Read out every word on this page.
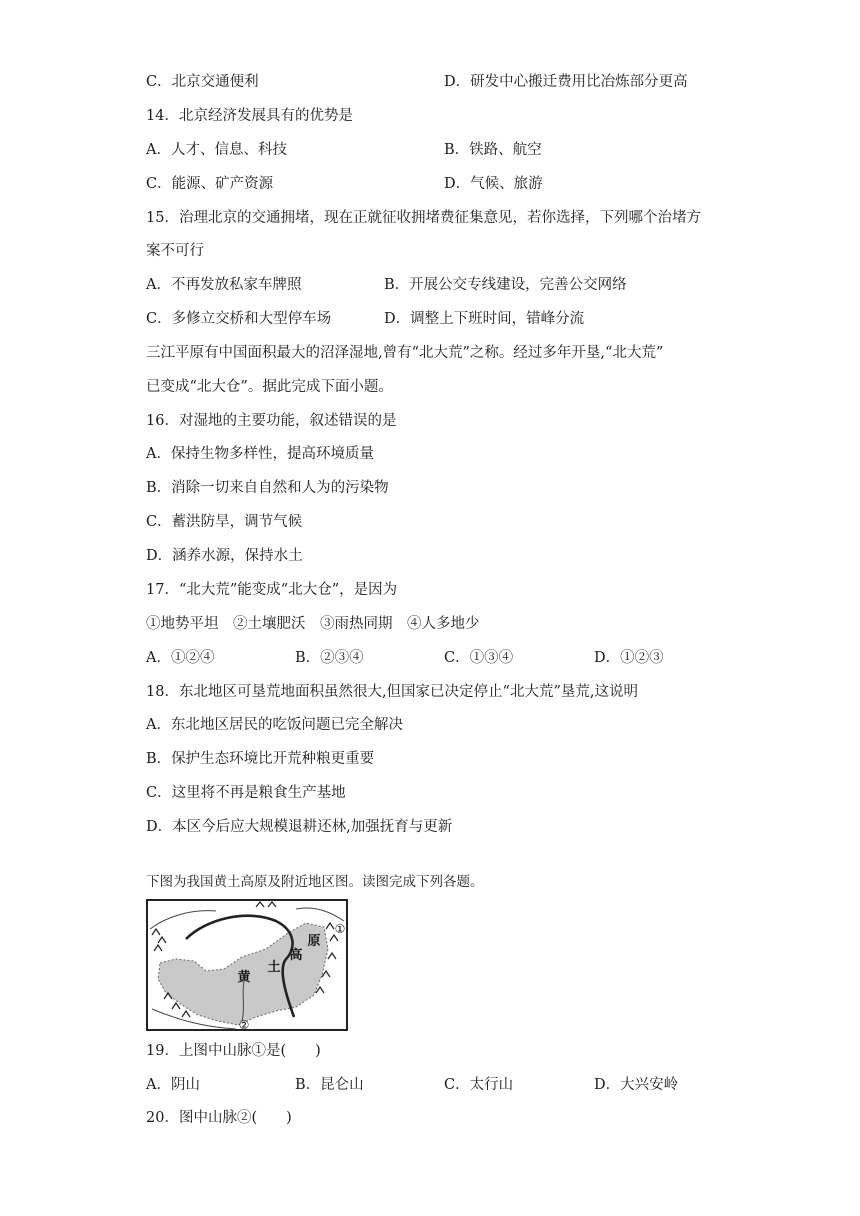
C．北京交通便利	D．研发中心搬迁费用比冶炼部分更高
14．北京经济发展具有的优势是
A．人才、信息、科技	B．铁路、航空
C．能源、矿产资源	D．气候、旅游
15．治理北京的交通拥堵，现在正就征收拥堵费征集意见，若你选择，下列哪个治堵方
案不可行
A．不再发放私家车牌照	B．开展公交专线建设，完善公交网络
C．多修立交桥和大型停车场	D．调整上下班时间，错峰分流
三江平原有中国面积最大的沼泽湿地,曾有“北大荒”之称。经过多年开垦,“北大荒”
已变成“北大仓”。据此完成下面小题。
16．对湿地的主要功能，叙述错误的是
A．保持生物多样性，提高环境质量
B．消除一切来自自然和人为的污染物
C．蓄洪防旱，调节气候
D．涵养水源，保持水土
17．“北大荒”能变成“北大仓”，是因为
①地势平坦　②土壤肥沃　③雨热同期　④人多地少
A．①②④	B．②③④	C．①③④	D．①②③
18．东北地区可垦荒地面积虽然很大,但国家已决定停止“北大荒”垦荒,这说明
A．东北地区居民的吃饭问题已完全解决
B．保护生态环境比开荒种粮更重要
C．这里将不再是粮食生产基地
D．本区今后应大规模退耕还林,加强抚育与更新
下图为我国黄土高原及附近地区图。读图完成下列各题。
黄
土
高
原
①
②
19．上图中山脉①是(　　)
A．阴山	B．昆仑山	C．太行山	D．大兴安岭
20．图中山脉②(　　)
